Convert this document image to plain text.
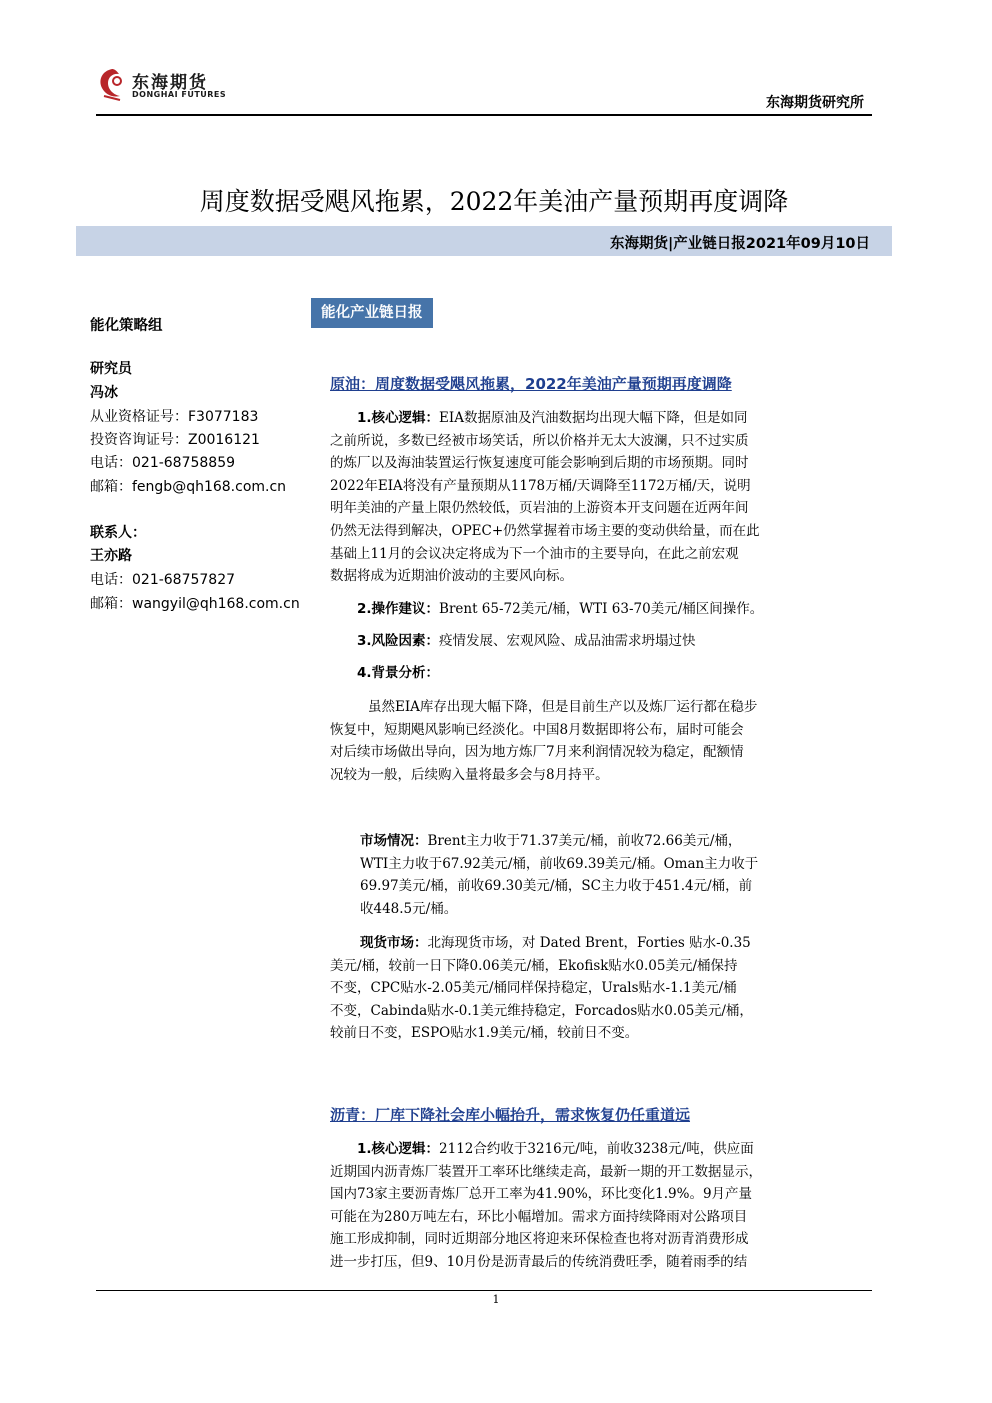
东海期货
DONGHAI FUTURES
东海期货研究所
周度数据受飓风拖累，2022年美油产量预期再度调降
东海期货|产业链日报2021年09月10日
能化策略组
研究员
冯冰
从业资格证号：F3077183
投资咨询证号：Z0016121
电话：021-68758859
邮箱：fengb@qh168.com.cn
联系人：
王亦路
电话：021-68757827
邮箱：wangyil@qh168.com.cn
能化产业链日报
原油：周度数据受飓风拖累，2022年美油产量预期再度调降
1.核心逻辑：EIA数据原油及汽油数据均出现大幅下降，但是如同
之前所说，多数已经被市场笑话，所以价格并无太大波澜，只不过实质
的炼厂以及海油装置运行恢复速度可能会影响到后期的市场预期。同时
2022年EIA将没有产量预期从1178万桶/天调降至1172万桶/天，说明
明年美油的产量上限仍然较低，页岩油的上游资本开支问题在近两年间
仍然无法得到解决，OPEC+仍然掌握着市场主要的变动供给量，而在此
基础上11月的会议决定将成为下一个油市的主要导向，在此之前宏观
数据将成为近期油价波动的主要风向标。
2.操作建议：Brent 65-72美元/桶，WTI 63-70美元/桶区间操作。
3.风险因素：疫情发展、宏观风险、成品油需求坍塌过快
4.背景分析：
虽然EIA库存出现大幅下降，但是目前生产以及炼厂运行都在稳步
恢复中，短期飓风影响已经淡化。中国8月数据即将公布，届时可能会
对后续市场做出导向，因为地方炼厂7月来利润情况较为稳定，配额情
况较为一般，后续购入量将最多会与8月持平。
市场情况：Brent主力收于71.37美元/桶，前收72.66美元/桶，
WTI主力收于67.92美元/桶，前收69.39美元/桶。Oman主力收于
69.97美元/桶，前收69.30美元/桶，SC主力收于451.4元/桶，前
收448.5元/桶。
现货市场：北海现货市场，对 Dated Brent，Forties 贴水-0.35
美元/桶，较前一日下降0.06美元/桶，Ekofisk贴水0.05美元/桶保持
不变，CPC贴水-2.05美元/桶同样保持稳定，Urals贴水-1.1美元/桶
不变，Cabinda贴水-0.1美元维持稳定，Forcados贴水0.05美元/桶，
较前日不变，ESPO贴水1.9美元/桶，较前日不变。
沥青：厂库下降社会库小幅抬升，需求恢复仍任重道远
1.核心逻辑：2112合约收于3216元/吨，前收3238元/吨，供应面
近期国内沥青炼厂装置开工率环比继续走高，最新一期的开工数据显示，
国内73家主要沥青炼厂总开工率为41.90%，环比变化1.9%。9月产量
可能在为280万吨左右，环比小幅增加。需求方面持续降雨对公路项目
施工形成抑制，同时近期部分地区将迎来环保检查也将对沥青消费形成
进一步打压，但9、10月份是沥青最后的传统消费旺季，随着雨季的结
1
